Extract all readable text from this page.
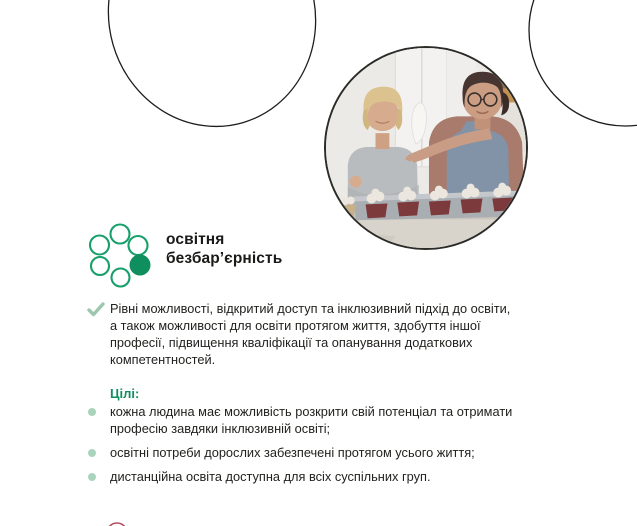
освітня
безбар’єрність
Рівні можливості, відкритий доступ та інклюзивний підхід до освіти, а також можливості для освіти протягом життя, здобуття іншої професії, підвищення кваліфікації та опанування додаткових компетентностей.
Цілі:
кожна людина має можливість розкрити свій потенціал та отримати професію завдяки інклюзивній освіті;
освітні потреби дорослих забезпечені протягом усього життя;
дистанційна освіта доступна для всіх суспільних груп.
